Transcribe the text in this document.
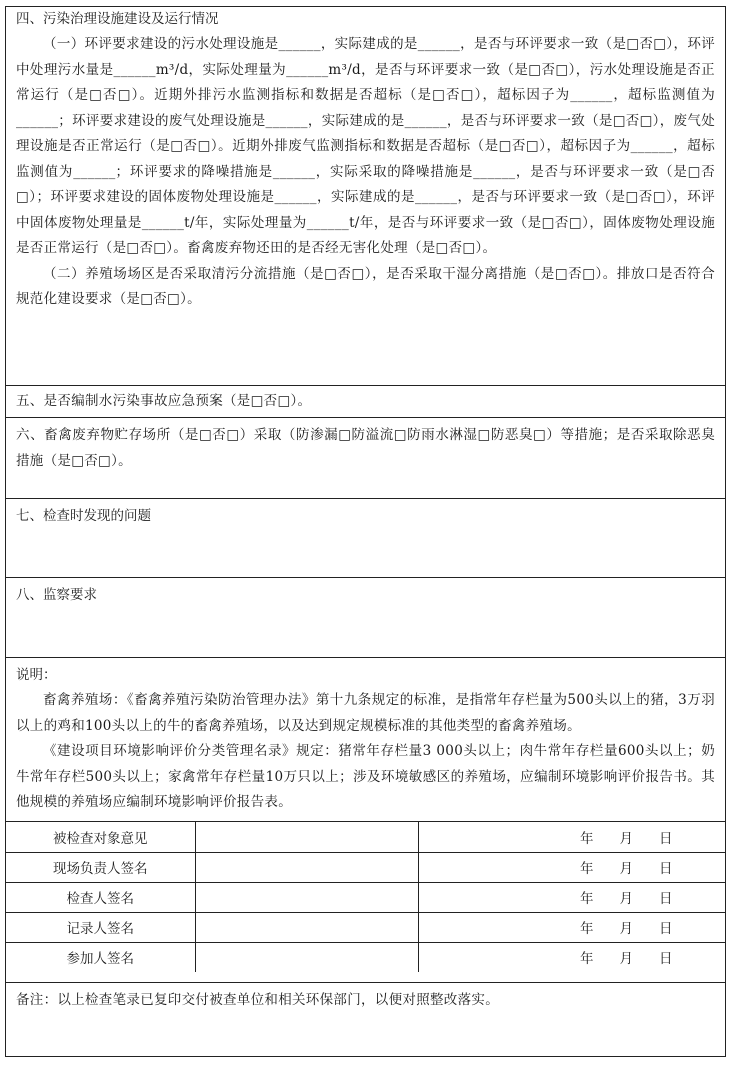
四、污染治理设施建设及运行情况

（一）环评要求建设的污水处理设施是______，实际建成的是______，是否与环评要求一致（是□否□），环评中处理污水量是______m³/d，实际处理量为______m³/d，是否与环评要求一致（是□否□），污水处理设施是否正常运行（是□否□）。近期外排污水监测指标和数据是否超标（是□否□），超标因子为______，超标监测值为______；环评要求建设的废气处理设施是______，实际建成的是______，是否与环评要求一致（是□否□），废气处理设施是否正常运行（是□否□）。近期外排废气监测指标和数据是否超标（是□否□），超标因子为______，超标监测值为______；环评要求的降噪措施是______，实际采取的降噪措施是______，是否与环评要求一致（是□否□）；环评要求建设的固体废物处理设施是______，实际建成的是______，是否与环评要求一致（是□否□），环评中固体废物处理量是______t/年，实际处理量为______t/年，是否与环评要求一致（是□否□），固体废物处理设施是否正常运行（是□否□）。畜禽废弃物还田的是否经无害化处理（是□否□）。
（二）养殖场场区是否采取清污分流措施（是□否□），是否采取干湿分离措施（是□否□）。排放口是否符合规范化建设要求（是□否□）。
五、是否编制水污染事故应急预案（是□否□）。
六、畜禽废弃物贮存场所（是□否□）采取（防渗漏□防溢流□防雨水淋湿□防恶臭□）等措施；是否采取除恶臭措施（是□否□）。

七、检查时发现的问题

八、监察要求

说明：

畜禽养殖场：《畜禽养殖污染防治管理办法》第十九条规定的标准，是指常年存栏量为500头以上的猪，3万羽以上的鸡和100头以上的牛的畜禽养殖场，以及达到规定规模标准的其他类型的畜禽养殖场。
《建设项目环境影响评价分类管理名录》规定：猪常年存栏量3 000头以上；肉牛常年存栏量600头以上；奶牛常年存栏500头以上；家禽常年存栏量10万只以上；涉及环境敏感区的养殖场，应编制环境影响评价报告书。其他规模的养殖场应编制环境影响评价报告表。
被检查对象意见		年 月 日
现场负责人签名		年 月 日
检查人签名		年 月 日
记录人签名		年 月 日
参加人签名		年 月 日
备注：以上检查笔录已复印交付被查单位和相关环保部门，以便对照整改落实。
